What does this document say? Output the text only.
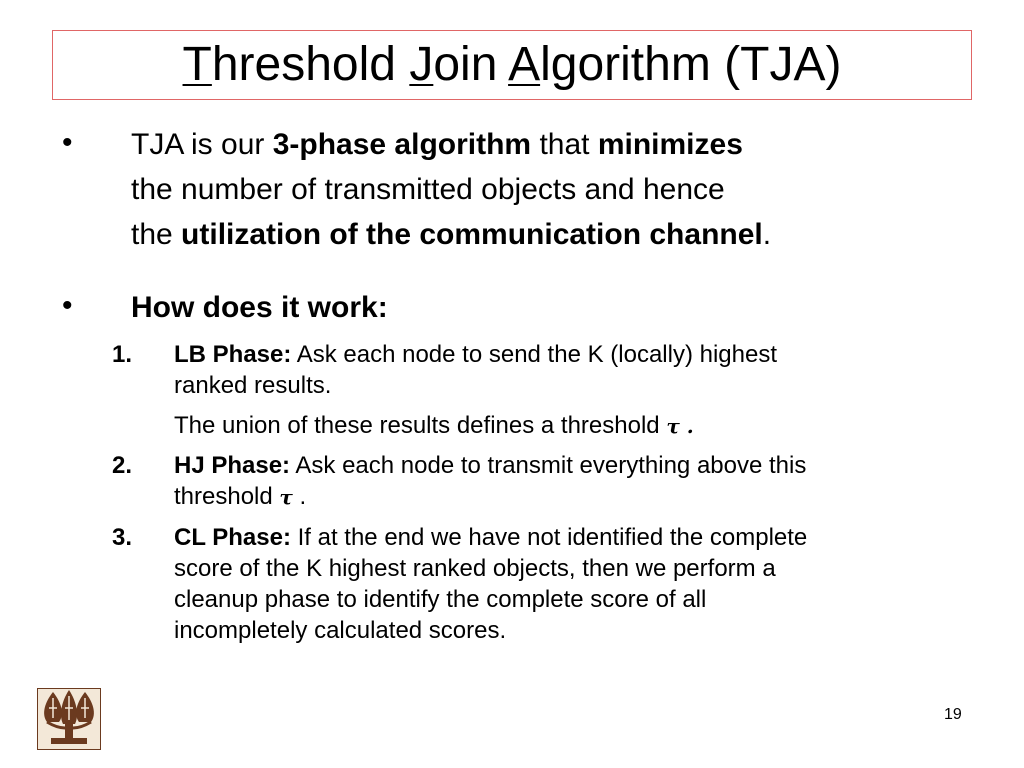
Threshold Join Algorithm (TJA)
• TJA is our 3-phase algorithm that minimizes
the number of transmitted objects and hence
the utilization of the communication channel.
• How does it work:
1. LB Phase: Ask each node to send the K (locally) highest
ranked results.
The union of these results defines a threshold τ .
2. HJ Phase: Ask each node to transmit everything above this
threshold τ .
3. CL Phase: If at the end we have not identified the complete
score of the K highest ranked objects, then we perform a
cleanup phase to identify the complete score of all
incompletely calculated scores.
19
